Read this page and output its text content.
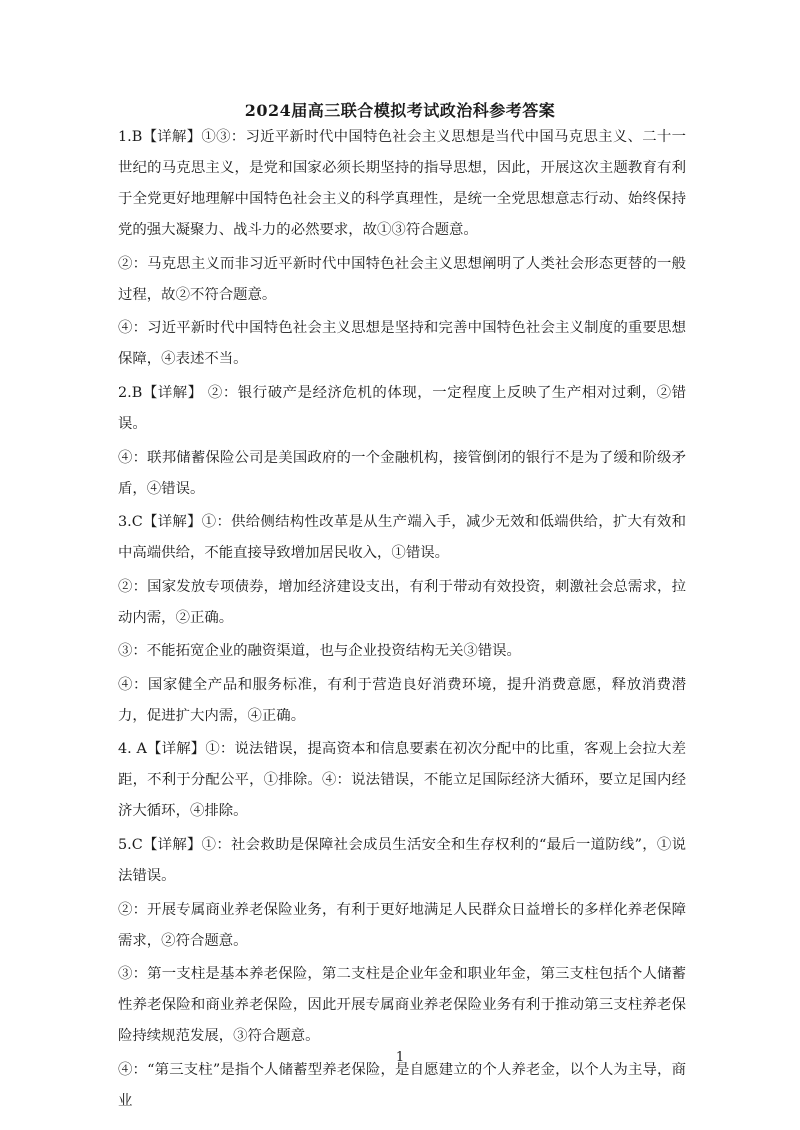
2024届高三联合模拟考试政治科参考答案

1.B【详解】①③：习近平新时代中国特色社会主义思想是当代中国马克思主义、二十一世纪的马克思主义，是党和国家必须长期坚持的指导思想，因此，开展这次主题教育有利于全党更好地理解中国特色社会主义的科学真理性，是统一全党思想意志行动、始终保持党的强大凝聚力、战斗力的必然要求，故①③符合题意。

②：马克思主义而非习近平新时代中国特色社会主义思想阐明了人类社会形态更替的一般过程，故②不符合题意。

④：习近平新时代中国特色社会主义思想是坚持和完善中国特色社会主义制度的重要思想保障，④表述不当。

2.B【详解】 ②：银行破产是经济危机的体现，一定程度上反映了生产相对过剩，②错误。

④：联邦储蓄保险公司是美国政府的一个金融机构，接管倒闭的银行不是为了缓和阶级矛盾，④错误。

3.C【详解】①：供给侧结构性改革是从生产端入手，减少无效和低端供给，扩大有效和中高端供给，不能直接导致增加居民收入，①错误。

②：国家发放专项债券，增加经济建设支出，有利于带动有效投资，刺激社会总需求，拉动内需，②正确。

③：不能拓宽企业的融资渠道，也与企业投资结构无关③错误。

④：国家健全产品和服务标准，有利于营造良好消费环境，提升消费意愿，释放消费潜力，促进扩大内需，④正确。

4. A【详解】①：说法错误，提高资本和信息要素在初次分配中的比重，客观上会拉大差距，不利于分配公平，①排除。④：说法错误，不能立足国际经济大循环，要立足国内经济大循环，④排除。

5.C【详解】①：社会救助是保障社会成员生活安全和生存权利的“最后一道防线”，①说法错误。

②：开展专属商业养老保险业务，有利于更好地满足人民群众日益增长的多样化养老保障需求，②符合题意。

③：第一支柱是基本养老保险，第二支柱是企业年金和职业年金，第三支柱包括个人储蓄性养老保险和商业养老保险，因此开展专属商业养老保险业务有利于推动第三支柱养老保险持续规范发展，③符合题意。

④：“第三支柱”是指个人储蓄型养老保险，是自愿建立的个人养老金，以个人为主导，商业

1
